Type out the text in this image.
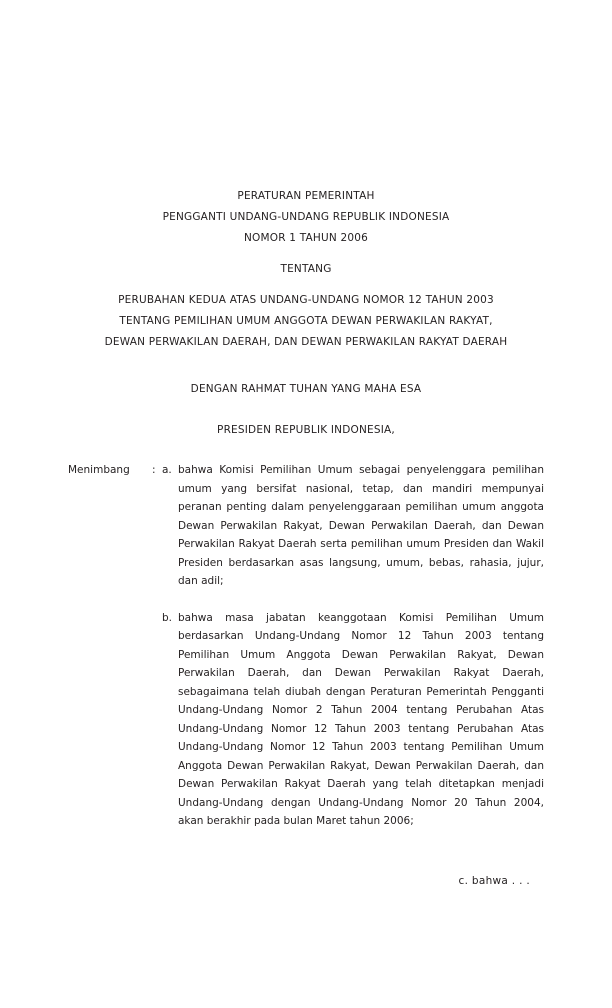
PERATURAN PEMERINTAH
PENGGANTI UNDANG-UNDANG REPUBLIK INDONESIA
NOMOR 1 TAHUN 2006
TENTANG
PERUBAHAN KEDUA ATAS UNDANG-UNDANG NOMOR 12 TAHUN 2003
TENTANG PEMILIHAN UMUM ANGGOTA DEWAN PERWAKILAN RAKYAT,
DEWAN PERWAKILAN DAERAH, DAN DEWAN PERWAKILAN RAKYAT DAERAH
DENGAN RAHMAT TUHAN YANG MAHA ESA
PRESIDEN REPUBLIK INDONESIA,
Menimbang	: a. bahwa Komisi Pemilihan Umum sebagai penyelenggara pemilihan umum yang bersifat nasional, tetap, dan mandiri mempunyai peranan penting dalam penyelenggaraan pemilihan umum anggota Dewan Perwakilan Rakyat, Dewan Perwakilan Daerah, dan Dewan Perwakilan Rakyat Daerah serta pemilihan umum Presiden dan Wakil Presiden berdasarkan asas langsung, umum, bebas, rahasia, jujur, dan adil;
b. bahwa masa jabatan keanggotaan Komisi Pemilihan Umum berdasarkan Undang-Undang Nomor 12 Tahun 2003 tentang Pemilihan Umum Anggota Dewan Perwakilan Rakyat, Dewan Perwakilan Daerah, dan Dewan Perwakilan Rakyat Daerah, sebagaimana telah diubah dengan Peraturan Pemerintah Pengganti Undang-Undang Nomor 2 Tahun 2004 tentang Perubahan Atas Undang-Undang Nomor 12 Tahun 2003 tentang Perubahan Atas Undang-Undang Nomor 12 Tahun 2003 tentang Pemilihan Umum Anggota Dewan Perwakilan Rakyat, Dewan Perwakilan Daerah, dan Dewan Perwakilan Rakyat Daerah yang telah ditetapkan menjadi Undang-Undang dengan Undang-Undang Nomor 20 Tahun 2004, akan berakhir pada bulan Maret tahun 2006;
c. bahwa . . .
